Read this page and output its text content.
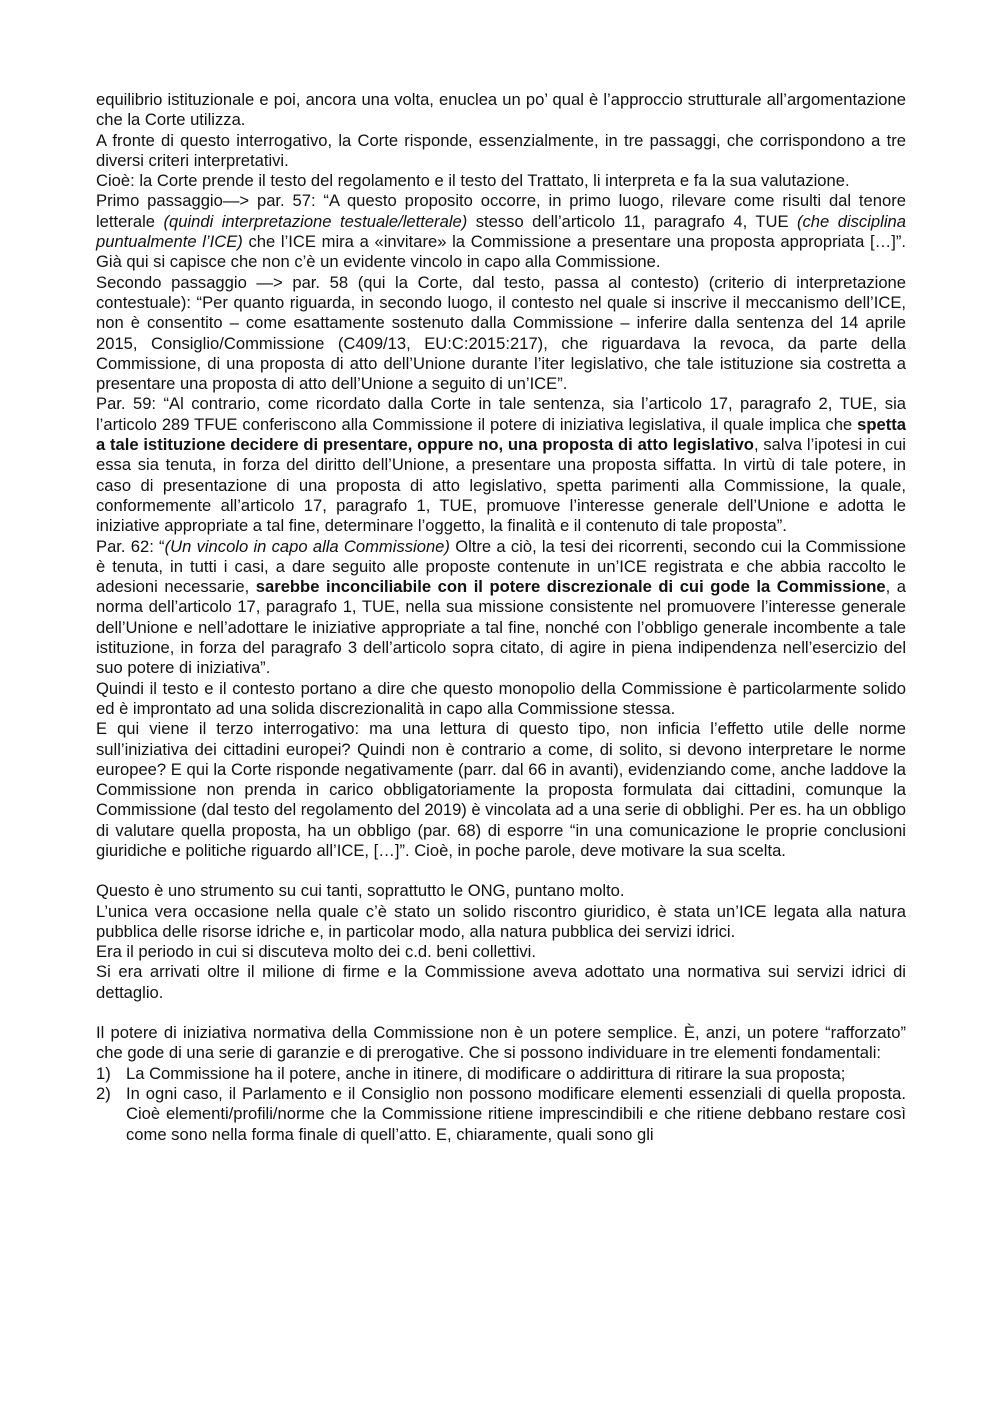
equilibrio istituzionale e poi, ancora una volta, enuclea un po’ qual è l’approccio strutturale all’argomentazione che la Corte utilizza.

A fronte di questo interrogativo, la Corte risponde, essenzialmente, in tre passaggi, che corrispondono a tre diversi criteri interpretativi.

Cioè: la Corte prende il testo del regolamento e il testo del Trattato, li interpreta e fa la sua valutazione.

Primo passaggio—> par. 57: “A questo proposito occorre, in primo luogo, rilevare come risulti dal tenore letterale (quindi interpretazione testuale/letterale) stesso dell’articolo 11, paragrafo 4, TUE (che disciplina puntualmente l’ICE) che l’ICE mira a «invitare» la Commissione a presentare una proposta appropriata […]”. Già qui si capisce che non c’è un evidente vincolo in capo alla Commissione.

Secondo passaggio —> par. 58 (qui la Corte, dal testo, passa al contesto) (criterio di interpretazione contestuale): “Per quanto riguarda, in secondo luogo, il contesto nel quale si inscrive il meccanismo dell’ICE, non è consentito – come esattamente sostenuto dalla Commissione – inferire dalla sentenza del 14 aprile 2015, Consiglio/Commissione (C409/13, EU:C:2015:217), che riguardava la revoca, da parte della Commissione, di una proposta di atto dell’Unione durante l’iter legislativo, che tale istituzione sia costretta a presentare una proposta di atto dell’Unione a seguito di un’ICE”.

Par. 59: “Al contrario, come ricordato dalla Corte in tale sentenza, sia l’articolo 17, paragrafo 2, TUE, sia l’articolo 289 TFUE conferiscono alla Commissione il potere di iniziativa legislativa, il quale implica che spetta a tale istituzione decidere di presentare, oppure no, una proposta di atto legislativo, salva l’ipotesi in cui essa sia tenuta, in forza del diritto dell’Unione, a presentare una proposta siffatta. In virtù di tale potere, in caso di presentazione di una proposta di atto legislativo, spetta parimenti alla Commissione, la quale, conformemente all’articolo 17, paragrafo 1, TUE, promuove l’interesse generale dell’Unione e adotta le iniziative appropriate a tal fine, determinare l’oggetto, la finalità e il contenuto di tale proposta”.

Par. 62: “(Un vincolo in capo alla Commissione) Oltre a ciò, la tesi dei ricorrenti, secondo cui la Commissione è tenuta, in tutti i casi, a dare seguito alle proposte contenute in un’ICE registrata e che abbia raccolto le adesioni necessarie, sarebbe inconciliabile con il potere discrezionale di cui gode la Commissione, a norma dell’articolo 17, paragrafo 1, TUE, nella sua missione consistente nel promuovere l’interesse generale dell’Unione e nell’adottare le iniziative appropriate a tal fine, nonché con l’obbligo generale incombente a tale istituzione, in forza del paragrafo 3 dell’articolo sopra citato, di agire in piena indipendenza nell’esercizio del suo potere di iniziativa”.

Quindi il testo e il contesto portano a dire che questo monopolio della Commissione è particolarmente solido ed è improntato ad una solida discrezionalità in capo alla Commissione stessa.

E qui viene il terzo interrogativo: ma una lettura di questo tipo, non inficia l’effetto utile delle norme sull’iniziativa dei cittadini europei? Quindi non è contrario a come, di solito, si devono interpretare le norme europee? E qui la Corte risponde negativamente (parr. dal 66 in avanti), evidenziando come, anche laddove la Commissione non prenda in carico obbligatoriamente la proposta formulata dai cittadini, comunque la Commissione (dal testo del regolamento del 2019) è vincolata ad a una serie di obblighi. Per es. ha un obbligo di valutare quella proposta, ha un obbligo (par. 68) di esporre “in una comunicazione le proprie conclusioni giuridiche e politiche riguardo all’ICE, […]”. Cioè, in poche parole, deve motivare la sua scelta.

Questo è uno strumento su cui tanti, soprattutto le ONG, puntano molto.

L’unica vera occasione nella quale c’è stato un solido riscontro giuridico, è stata un’ICE legata alla natura pubblica delle risorse idriche e, in particolar modo, alla natura pubblica dei servizi idrici.

Era il periodo in cui si discuteva molto dei c.d. beni collettivi.

Si era arrivati oltre il milione di firme e la Commissione aveva adottato una normativa sui servizi idrici di dettaglio.

Il potere di iniziativa normativa della Commissione non è un potere semplice. È, anzi, un potere “rafforzato” che gode di una serie di garanzie e di prerogative. Che si possono individuare in tre elementi fondamentali:

1) La Commissione ha il potere, anche in itinere, di modificare o addirittura di ritirare la sua proposta;
2) In ogni caso, il Parlamento e il Consiglio non possono modificare elementi essenziali di quella proposta. Cioè elementi/profili/norme che la Commissione ritiene imprescindibili e che ritiene debbano restare così come sono nella forma finale di quell’atto. E, chiaramente, quali sono gli
